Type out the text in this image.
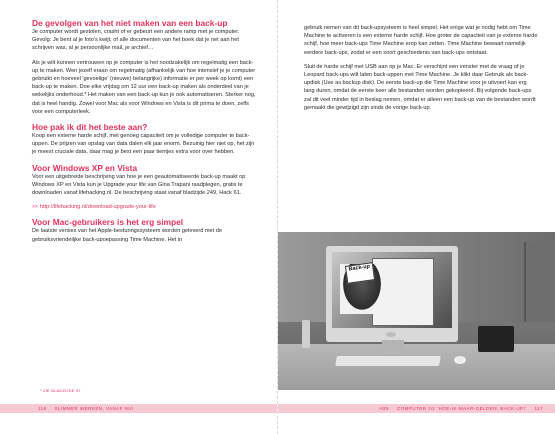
De gevolgen van het niet maken van een back-up

Je computer wordt gestolen, crasht of er gebeurt een andere ramp met je computer. Gevolg: Je bent al je foto's kwijt, of alle documenten van het boek dat je net aan het schrijven was, al je persoonlijke mail, je archief…

Als je wilt kunnen vertrouwen op je computer is het noodzakelijk om regelmatig een back-up te maken. Wen jezelf eraan om regelmatig (afhankelijk van hoe intensief je je computer gebruikt en hoeveel 'gevoelige' (nieuwe) belangrijke) informatie er per week op komt) een back-up te maken. Doe elke vrijdag om 12 uur een back-up maken als onderdeel van je wekelijks onderhoud.* Het maken van een back-up kun je ook automatiseren. Sterker nog, dat is heel handig. Zowel voor Mac als voor Windows en Vista is dit prima te doen, zelfs voor een computerleek.

Hoe pak ik dit het beste aan?

Koop een externe harde schijf, met genoeg capaciteit om je volledige computer te back-uppen. De prijzen van opslag van data dalen elk jaar enorm. Bezuinig hier niet op, het zijn je meest cruciale data, daar mag je best een paar tientjes extra voor over hebben.

Voor Windows XP en Vista

Voor een uitgebreide beschrijving van hoe je een geautomatiseerde back-up maakt op Windows XP en Vista kun je Upgrade your life van Gina Trapani raadplegen, gratis te downloaden vanaf lifehacking.nl. De beschrijving staat vanaf bladzijde 249, Hack 61.

>> http://lifehacking.nl/download-upgrade-your-life

Voor Mac-gebruikers is het erg simpel

De laatste versies van het Apple-besturingssysteem worden geleverd met de gebruiksvriendelijke back-upoepassing Time Machine. Het in

* ZIE BLADZIJDE 97
116 SLIMMER WERKEN, VANAF NU!

gebruik nemen van dit back-upsysteem is heel simpel. Het enige wat je nodig hebt om Time Machine te activeren is een externe harde schijf. Hoe groter de capaciteit van je externe harde schijf, hoe meer back-ups Time Machine erop kan zetten. Time Machine bewaart namelijk eerdere back-ups, zodat er een soort geschiedenis van back-ups ontstaat.

Sluit de harde schijf met USB aan op je Mac. Er verschijnt een venster met de vraag of je Leopard back-ups wilt laten back-uppen met Time Machine. Je klikt daar Gebruik als back-updisk (Use as backup disk). De eerste back-up die Time Machine voor je uitvoert kan erg lang duren, omdat de eerste keer alle bestanden worden gekopieerd. Bij volgende back-ups zal dit veel minder tijd in beslag nemen, omdat er alleen een back-up van de bestanden wordt gemaakt die gewijzigd zijn sinds de vorige back-up.

Back-up
H25 COMPUTER 10: 'HOE-IK-MAAR-GELDEN, BACK-UP!' 117
